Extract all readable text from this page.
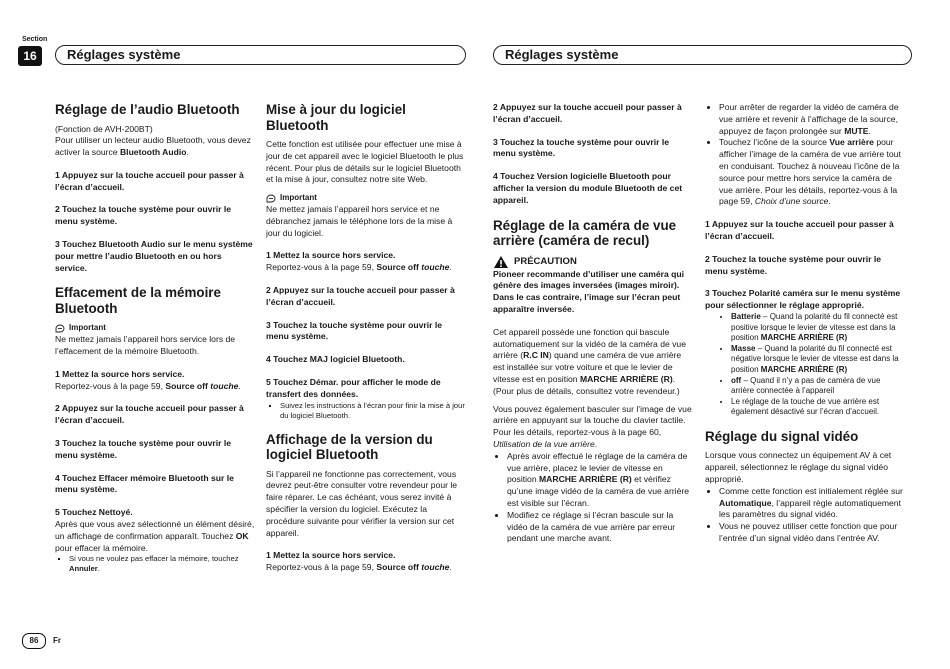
Section
16	Réglages système	Réglages système
Réglage de l’audio Bluetooth

(Fonction de AVH-200BT)

Pour utiliser un lecteur audio Bluetooth, vous devez activer la source Bluetooth Audio.

1 Appuyez sur la touche accueil pour passer à l’écran d’accueil.

2 Touchez la touche système pour ouvrir le menu système.

3 Touchez Bluetooth Audio sur le menu système pour mettre l’audio Bluetooth en ou hors service.

Effacement de la mémoire Bluetooth
Important

Ne mettez jamais l’appareil hors service lors de l’effacement de la mémoire Bluetooth.

1 Mettez la source hors service.

Reportez-vous à la page 59, Source off touche.

2 Appuyez sur la touche accueil pour passer à l’écran d’accueil.

3 Touchez la touche système pour ouvrir le menu système.

4 Touchez Effacer mémoire Bluetooth sur le menu système.

5 Touchez Nettoyé.

Après que vous avez sélectionné un élément désiré, un affichage de confirmation apparaît. Touchez OK pour effacer la mémoire.

▪ Si vous ne voulez pas effacer la mémoire, touchez Annuler.
Mise à jour du logiciel Bluetooth

Cette fonction est utilisée pour effectuer une mise à jour de cet appareil avec le logiciel Bluetooth le plus récent. Pour plus de détails sur le logiciel Bluetooth et la mise à jour, consultez notre site Web.

Important

Ne mettez jamais l’appareil hors service et ne débranchez jamais le téléphone lors de la mise à jour du logiciel.

1 Mettez la source hors service.

Reportez-vous à la page 59, Source off touche.

2 Appuyez sur la touche accueil pour passer à l’écran d’accueil.

3 Touchez la touche système pour ouvrir le menu système.

4 Touchez MAJ logiciel Bluetooth.

5 Touchez Démar. pour afficher le mode de transfert des données.

▪ Suivez les instructions à l’écran pour finir la mise à jour du logiciel Bluetooth.
Affichage de la version du logiciel Bluetooth

Si l’appareil ne fonctionne pas correctement, vous devrez peut-être consulter votre revendeur pour le faire réparer. Le cas échéant, vous serez invité à spécifier la version du logiciel. Exécutez la procédure suivante pour vérifier la version sur cet appareil.

1 Mettez la source hors service.

Reportez-vous à la page 59, Source off touche.

2 Appuyez sur la touche accueil pour passer à l’écran d’accueil.

3 Touchez la touche système pour ouvrir le menu système.

4 Touchez Version logicielle Bluetooth pour afficher la version du module Bluetooth de cet appareil.

Réglage de la caméra de vue arrière (caméra de recul)
PRÉCAUTION

Pioneer recommande d’utiliser une caméra qui génère des images inversées (images miroir). Dans le cas contraire, l’image sur l’écran peut apparaître inversée.

Cet appareil possède une fonction qui bascule automatiquement sur la vidéo de la caméra de vue arrière (R.C IN) quand une caméra de vue arrière est installée sur votre voiture et que le levier de vitesse est en position MARCHE ARRIÈRE (R). (Pour plus de détails, consultez votre revendeur.)

Vous pouvez également basculer sur l’image de vue arrière en appuyant sur la touche du clavier tactile.

Pour les détails, reportez-vous à la page 60, Utilisation de la vue arrière.

• Après avoir effectué le réglage de la caméra de vue arrière, placez le levier de vitesse en position MARCHE ARRIÈRE (R) et vérifiez qu’une image vidéo de la caméra de vue arrière est visible sur l’écran.
• Modifiez ce réglage si l’écran bascule sur la vidéo de la caméra de vue arrière par erreur pendant une marche avant.
• Pour arrêter de regarder la vidéo de caméra de vue arrière et revenir à l’affichage de la source, appuyez de façon prolongée sur MUTE.
• Touchez l’icône de la source Vue arrière pour afficher l’image de la caméra de vue arrière tout en conduisant. Touchez à nouveau l’icône de la source pour mettre hors service la caméra de vue arrière. Pour les détails, reportez-vous à la page 59, Choix d’une source.

1 Appuyez sur la touche accueil pour passer à l’écran d’accueil.

2 Touchez la touche système pour ouvrir le menu système.

3 Touchez Polarité caméra sur le menu système pour sélectionner le réglage approprié.

• Batterie – Quand la polarité du fil connecté est positive lorsque le levier de vitesse est dans la position MARCHE ARRIÈRE (R)
• Masse – Quand la polarité du fil connecté est négative lorsque le levier de vitesse est dans la position MARCHE ARRIÈRE (R)
• off – Quand il n’y a pas de caméra de vue arrière connectée à l’appareil
• Le réglage de la touche de vue arrière est également désactivé sur l’écran d’accueil.
Réglage du signal vidéo

Lorsque vous connectez un équipement AV à cet appareil, sélectionnez le réglage du signal vidéo approprié.

• Comme cette fonction est initialement réglée sur Automatique, l’appareil règle automatiquement les paramètres du signal vidéo.
• Vous ne pouvez utiliser cette fonction que pour l’entrée d’un signal vidéo dans l’entrée AV.
86	Fr
